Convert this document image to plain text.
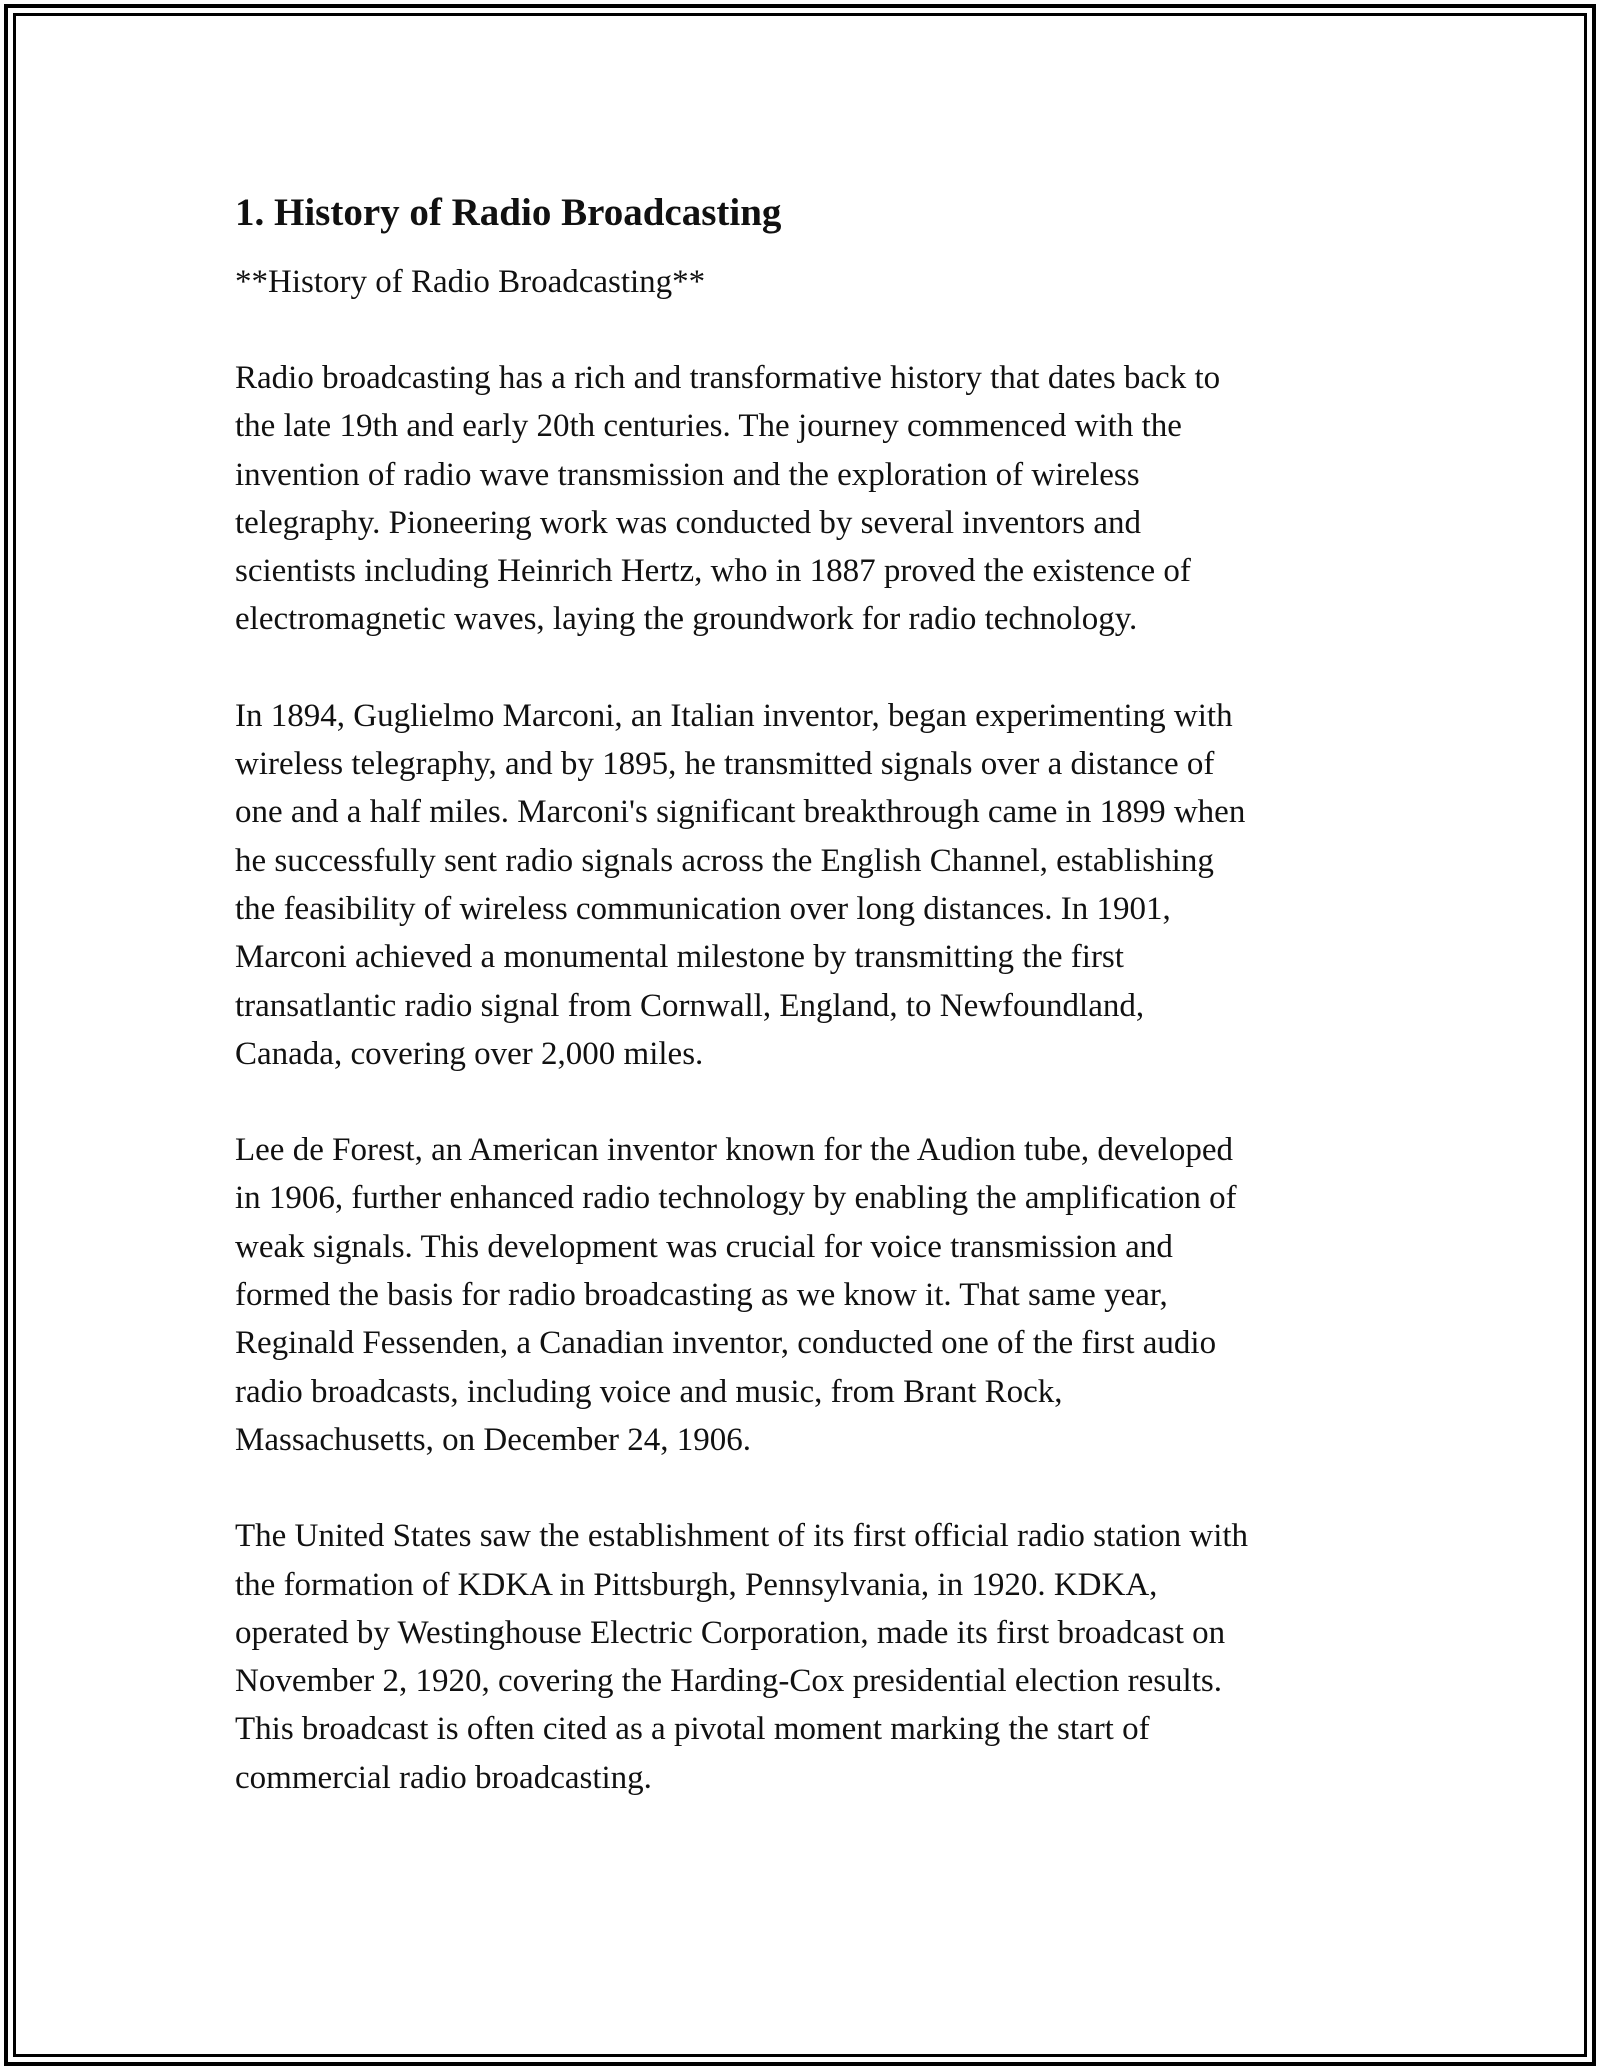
1. History of Radio Broadcasting

**History of Radio Broadcasting**

Radio broadcasting has a rich and transformative history that dates back to
the late 19th and early 20th centuries. The journey commenced with the
invention of radio wave transmission and the exploration of wireless
telegraphy. Pioneering work was conducted by several inventors and
scientists including Heinrich Hertz, who in 1887 proved the existence of
electromagnetic waves, laying the groundwork for radio technology.

In 1894, Guglielmo Marconi, an Italian inventor, began experimenting with
wireless telegraphy, and by 1895, he transmitted signals over a distance of
one and a half miles. Marconi's significant breakthrough came in 1899 when
he successfully sent radio signals across the English Channel, establishing
the feasibility of wireless communication over long distances. In 1901,
Marconi achieved a monumental milestone by transmitting the first
transatlantic radio signal from Cornwall, England, to Newfoundland,
Canada, covering over 2,000 miles.

Lee de Forest, an American inventor known for the Audion tube, developed
in 1906, further enhanced radio technology by enabling the amplification of
weak signals. This development was crucial for voice transmission and
formed the basis for radio broadcasting as we know it. That same year,
Reginald Fessenden, a Canadian inventor, conducted one of the first audio
radio broadcasts, including voice and music, from Brant Rock,
Massachusetts, on December 24, 1906.

The United States saw the establishment of its first official radio station with
the formation of KDKA in Pittsburgh, Pennsylvania, in 1920. KDKA,
operated by Westinghouse Electric Corporation, made its first broadcast on
November 2, 1920, covering the Harding-Cox presidential election results.
This broadcast is often cited as a pivotal moment marking the start of
commercial radio broadcasting.
